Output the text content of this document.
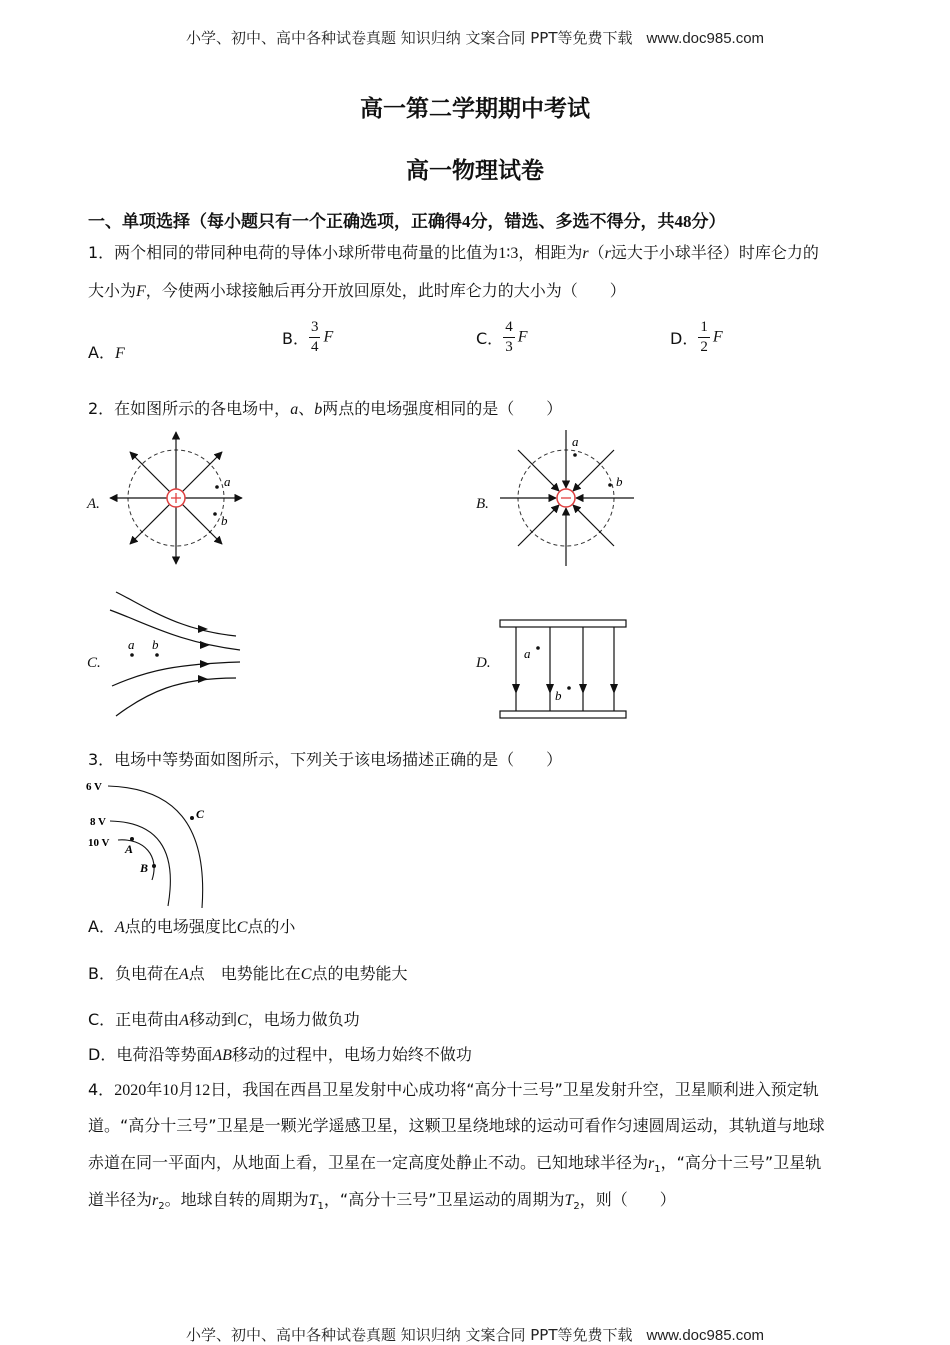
小学、初中、高中各种试卷真题 知识归纳 文案合同 PPT等免费下载 www.doc985.com
高一第二学期期中考试
高一物理试卷
一、单项选择（每小题只有一个正确选项，正确得4分，错选、多选不得分，共48分）
1．两个相同的带同种电荷的导体小球所带电荷量的比值为1∶3，相距为r（r远大于小球半径）时库仑力的
大小为F，今使两小球接触后再分开放回原处，此时库仑力的大小为（　　）
A．F
B． $\frac{3}{4}$ F	C． $\frac{4}{3}$ F	D． $\frac{1}{2}$ F
2．在如图所示的各电场中，a、b两点的电场强度相同的是（　　）
A.	B.
C.	D.
a
b
a
b
a b
a
b
3．电场中等势面如图所示，下列关于该电场描述正确的是（　　）
6 V
8 V
10 V A
B
C
A．A点的电场强度比C点的小
B．负电荷在A点　电势能比在C点的电势能大
C．正电荷由A移动到C，电场力做负功
D．电荷沿等势面AB移动的过程中，电场力始终不做功
4．2020年10月12日，我国在西昌卫星发射中心成功将“高分十三号”卫星发射升空，卫星顺利进入预定轨
道。“高分十三号”卫星是一颗光学遥感卫星，这颗卫星绕地球的运动可看作匀速圆周运动，其轨道与地球
赤道在同一平面内，从地面上看，卫星在一定高度处静止不动。已知地球半径为$r_1$，“高分十三号”卫星轨
道半径为$r_2$。地球自转的周期为$T_1$，“高分十三号”卫星运动的周期为$T_2$，则（　　）
小学、初中、高中各种试卷真题 知识归纳 文案合同 PPT等免费下载 www.doc985.com
